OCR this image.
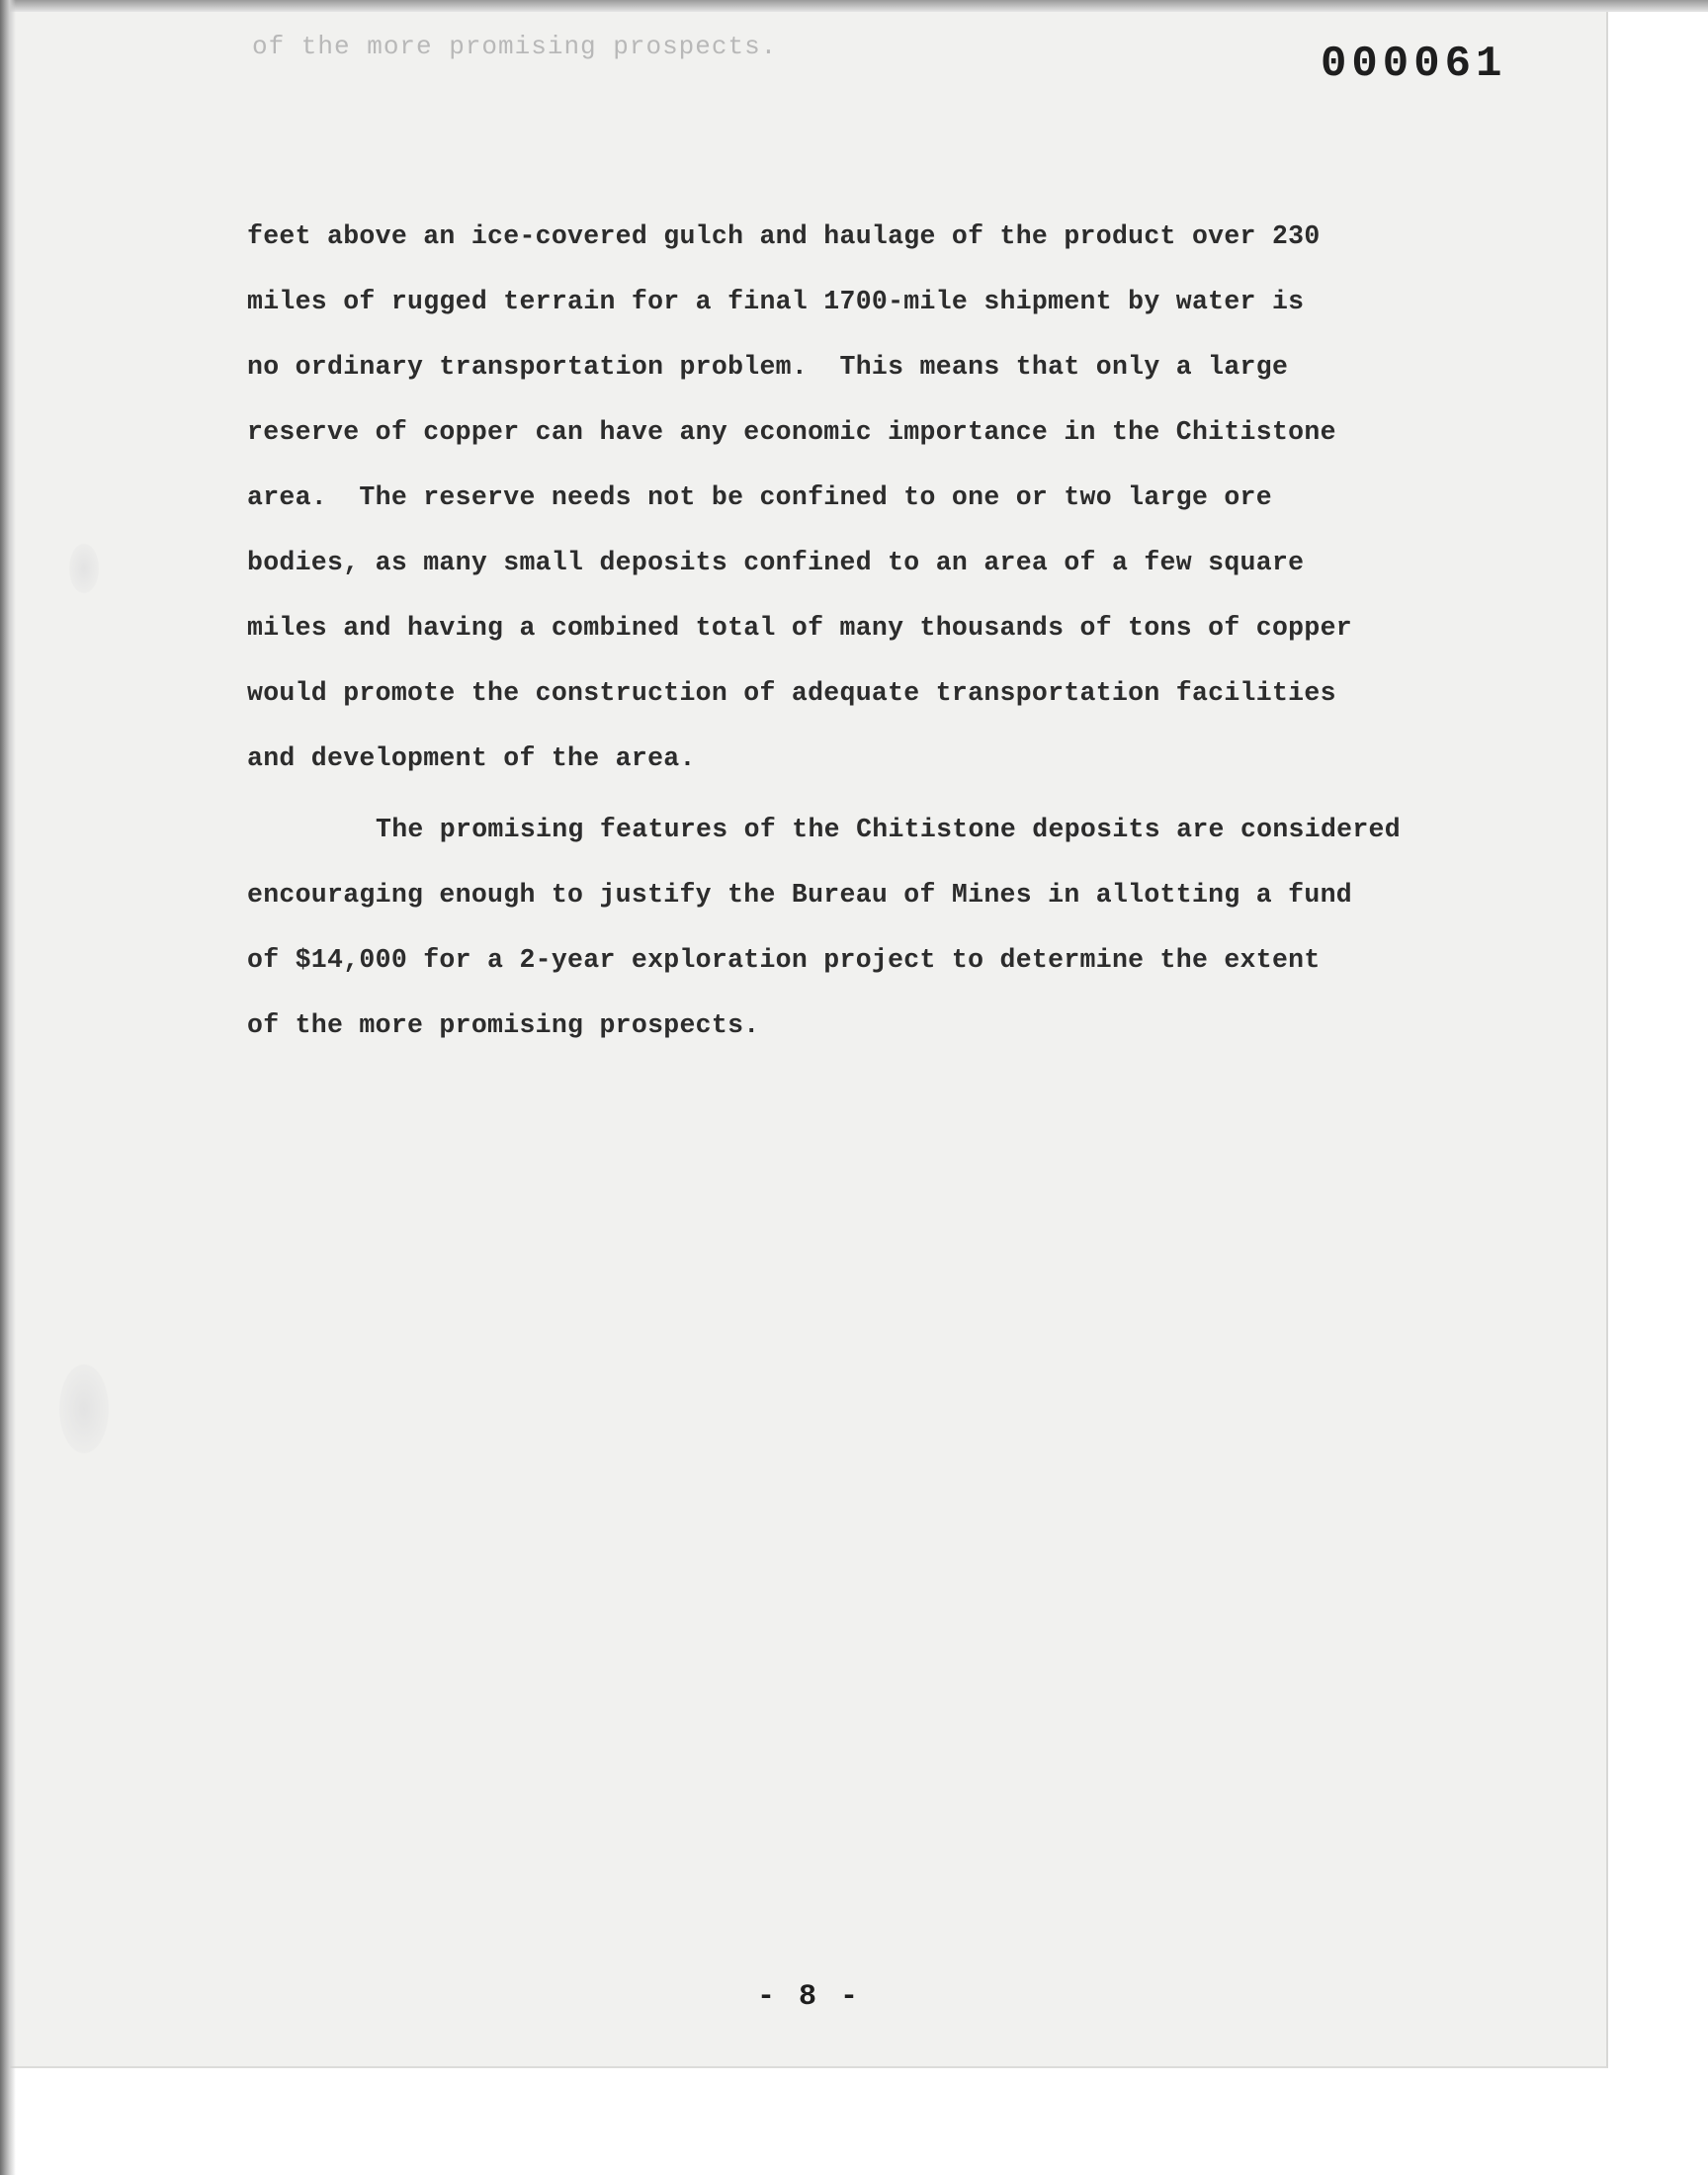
of the more promising prospects.	000061
feet above an ice-covered gulch and haulage of the product over 230
miles of rugged terrain for a final 1700-mile shipment by water is
no ordinary transportation problem.  This means that only a large
reserve of copper can have any economic importance in the Chitistone
area.  The reserve needs not be confined to one or two large ore
bodies, as many small deposits confined to an area of a few square
miles and having a combined total of many thousands of tons of copper
would promote the construction of adequate transportation facilities
and development of the area.
The promising features of the Chitistone deposits are considered
encouraging enough to justify the Bureau of Mines in allotting a fund
of $14,000 for a 2-year exploration project to determine the extent
of the more promising prospects.
- 8 -
